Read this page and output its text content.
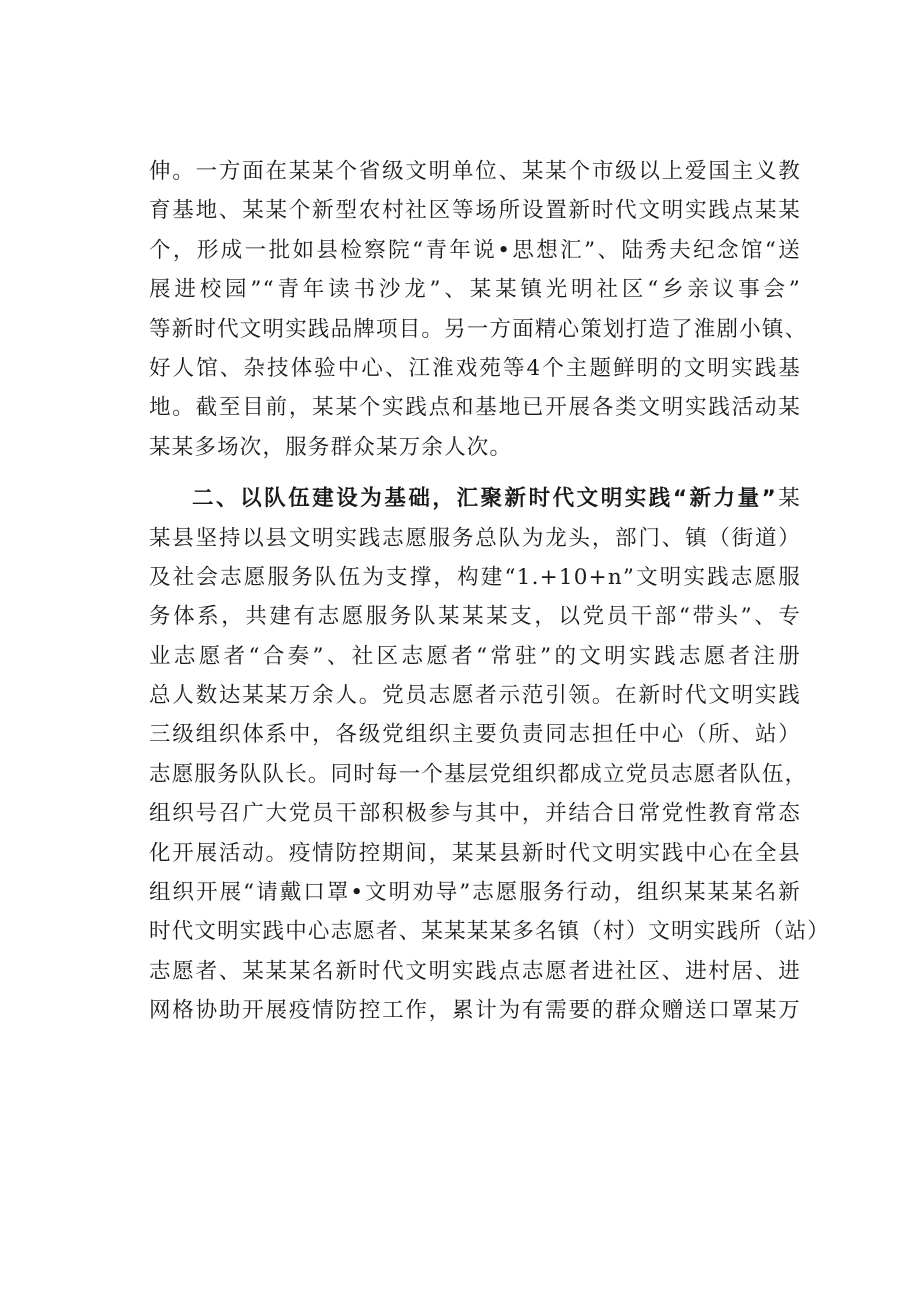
伸。一方面在某某个省级文明单位、某某个市级以上爱国主义教
育基地、某某个新型农村社区等场所设置新时代文明实践点某某
个，形成一批如县检察院“青年说•思想汇”、陆秀夫纪念馆“送
展进校园”“青年读书沙龙”、某某镇光明社区“乡亲议事会”
等新时代文明实践品牌项目。另一方面精心策划打造了淮剧小镇、
好人馆、杂技体验中心、江淮戏苑等4个主题鲜明的文明实践基
地。截至目前，某某个实践点和基地已开展各类文明实践活动某
某某多场次，服务群众某万余人次。
二、以队伍建设为基础，汇聚新时代文明实践“新力量”某
某县坚持以县文明实践志愿服务总队为龙头，部门、镇（街道）
及社会志愿服务队伍为支撑，构建“1.+10+n”文明实践志愿服
务体系，共建有志愿服务队某某某支，以党员干部“带头”、专
业志愿者“合奏”、社区志愿者“常驻”的文明实践志愿者注册
总人数达某某万余人。党员志愿者示范引领。在新时代文明实践
三级组织体系中，各级党组织主要负责同志担任中心（所、站）
志愿服务队队长。同时每一个基层党组织都成立党员志愿者队伍，
组织号召广大党员干部积极参与其中，并结合日常党性教育常态
化开展活动。疫情防控期间，某某县新时代文明实践中心在全县
组织开展“请戴口罩•文明劝导”志愿服务行动，组织某某某名新
时代文明实践中心志愿者、某某某某多名镇（村）文明实践所（站）
志愿者、某某某名新时代文明实践点志愿者进社区、进村居、进
网格协助开展疫情防控工作，累计为有需要的群众赠送口罩某万
